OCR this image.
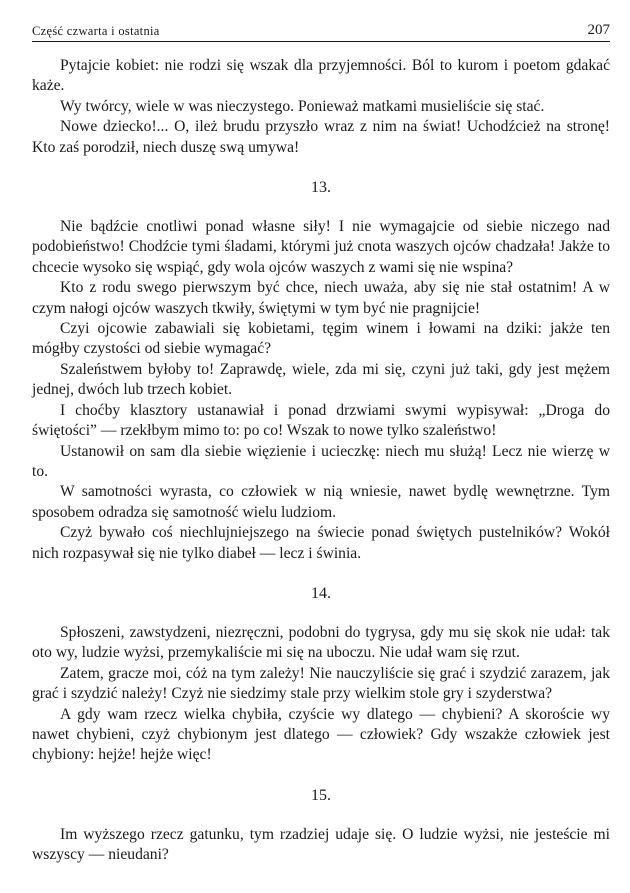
Część czwarta i ostatnia	207

Pytajcie kobiet: nie rodzi się wszak dla przyjemności. Ból to kurom i poetom gdakać każe.

Wy twórcy, wiele w was nieczystego. Ponieważ matkami musieliście się stać.

Nowe dziecko!... O, ileż brudu przyszło wraz z nim na świat! Uchodźcież na stronę! Kto zaś porodził, niech duszę swą umywa!

13.

Nie bądźcie cnotliwi ponad własne siły! I nie wymagajcie od siebie niczego nad podobieństwo! Chodźcie tymi śladami, którymi już cnota waszych ojców chadzała! Jakże to chcecie wysoko się wspiąć, gdy wola ojców waszych z wami się nie wspina?

Kto z rodu swego pierwszym być chce, niech uważa, aby się nie stał ostatnim! A w czym nałogi ojców waszych tkwiły, świętymi w tym być nie pragnijcie!

Czyi ojcowie zabawiali się kobietami, tęgim winem i łowami na dziki: jakże ten mógłby czystości od siebie wymagać?

Szaleństwem byłoby to! Zaprawdę, wiele, zda mi się, czyni już taki, gdy jest mężem jednej, dwóch lub trzech kobiet.

I choćby klasztory ustanawiał i ponad drzwiami swymi wypisywał: „Droga do świętości” — rzekłbym mimo to: po co! Wszak to nowe tylko szaleństwo!

Ustanowił on sam dla siebie więzienie i ucieczkę: niech mu służą! Lecz nie wierzę w to.

W samotności wyrasta, co człowiek w nią wniesie, nawet bydlę wewnętrzne. Tym sposobem odradza się samotność wielu ludziom.

Czyż bywało coś niechlujniejszego na świecie ponad świętych pustelników? Wokół nich rozpasywał się nie tylko diabeł — lecz i świnia.

14.

Spłoszeni, zawstydzeni, niezręczni, podobni do tygrysa, gdy mu się skok nie udał: tak oto wy, ludzie wyżsi, przemykaliście mi się na uboczu. Nie udał wam się rzut.

Zatem, gracze moi, cóż na tym zależy! Nie nauczyliście się grać i szydzić zarazem, jak grać i szydzić należy! Czyż nie siedzimy stale przy wielkim stole gry i szyderstwa?

A gdy wam rzecz wielka chybiła, czyście wy dlatego — chybieni? A skoroście wy nawet chybieni, czyż chybionym jest dlatego — człowiek? Gdy wszakże człowiek jest chybiony: hejże! hejże więc!

15.

Im wyższego rzecz gatunku, tym rzadziej udaje się. O ludzie wyżsi, nie jesteście mi wszyscy — nieudani?
